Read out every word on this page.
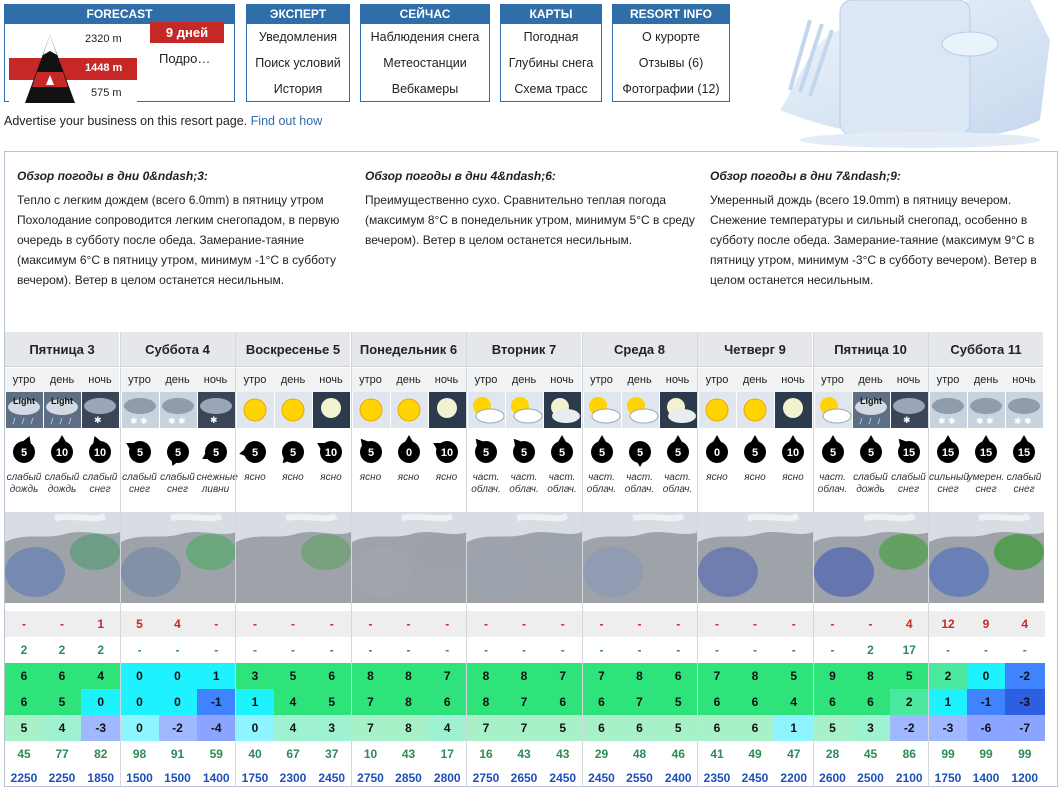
FORECAST
2320 m
1448 m
575 m
9 дней
Подро…
ЭКСПЕРТ
Уведомления
Поиск условий
История
СЕЙЧАС
Наблюдения снега
Метеостанции
Вебкамеры
КАРТЫ
Погодная
Глубины снега
Схема трасс
RESORT INFO
О курорте
Отзывы (6)
Фотографии (12)
Advertise your business on this resort page. Find out how
Обзор погоды в дни 0&ndash;3:
Тепло с легким дождем (всего 6.0mm) в пятницу утром Похолодание сопроводится легким снегопадом, в первую очередь в субботу после обеда. Замерание-таяние (максимум 6°C в пятницу утром, минимум -1°C в субботу вечером). Ветер в целом останется несильным.
Обзор погоды в дни 4&ndash;6:
Преимущественно сухо. Сравнительно теплая погода (максимум 8°C в понедельник утром, минимум 5°C в среду вечером). Ветер в целом останется несильным.
Обзор погоды в дни 7&ndash;9:
Умеренный дождь (всего 19.0mm) в пятницу вечером. Снежение температуры и сильный снегопад, особенно в субботу после обеда. Замерание-таяние (максимум 9°C в пятницу утром, минимум -3°C в субботу вечером). Ветер в целом останется несильным.
Пятница 3
утро
Light
5
слабый дождь
день
Light
10
слабый дождь
ночь
✱
10
слабый снег
-	-	1
2	2	2
6	6	4
6	5	0
5	4	-3
45	77	82
2250 2250	1850
Суббота 4
утро
✱ ✱
5
слабый снег
день
✱ ✱
5
слабый снег
ночь
✱
5
снежные ливни
5	4	-
-	-	-
0	0	1
0	0	-1
0	-2	-4
98	91	59
1500 1500	1400
Воскресенье 5
утро
5
ясно
день
5
ясно
ночь
10
ясно
-	-	-
-	-	-
3	5	6
1	4	5
0	4	3
40	67	37
1750 2300	2450
Понедельник 6
утро
5
ясно
день
0
ясно
ночь
10
ясно
-	-	-
-	-	-
8	8	7
7	8	6
7	8	4
10	43	17
2750 2850	2800
Вторник 7
утро
5
част. облач.
день
5
част. облач.
ночь
5
част. облач.
-	-	-
-	-	-
8	8	7
8	7	6
7	7	5
16	43	43
2750 2650	2450
Среда 8
утро
5
част. облач.
день
5
част. облач.
ночь
5
част. облач.
-	-	-
-	-	-
7	8	6
6	7	5
6	6	5
29	48	46
2450 2550	2400
Четверг 9
утро
0
ясно
день
5
ясно
ночь
10
ясно
-	-	-
-	-	-
7	8	5
6	6	4
6	6	1
41	49	47
2350 2450	2200
Пятница 10
утро
5
част. облач.
день
Light
5
слабый дождь
ночь
✱
15
слабый снег
-	-	4
-	2	17
9	8	5
6	6	2
5	3	-2
28	45	86
2600 2500	2100
Суббота 11
утро
✱ ✱
15
сильный снег
день
✱ ✱
15
умерен. снег
ночь
✱ ✱
15
слабый снег
12	9	4
-	-	-
2	0	-2
1	-1	-3
-3	-6	-7
99	99	99
1750 1400	1200
